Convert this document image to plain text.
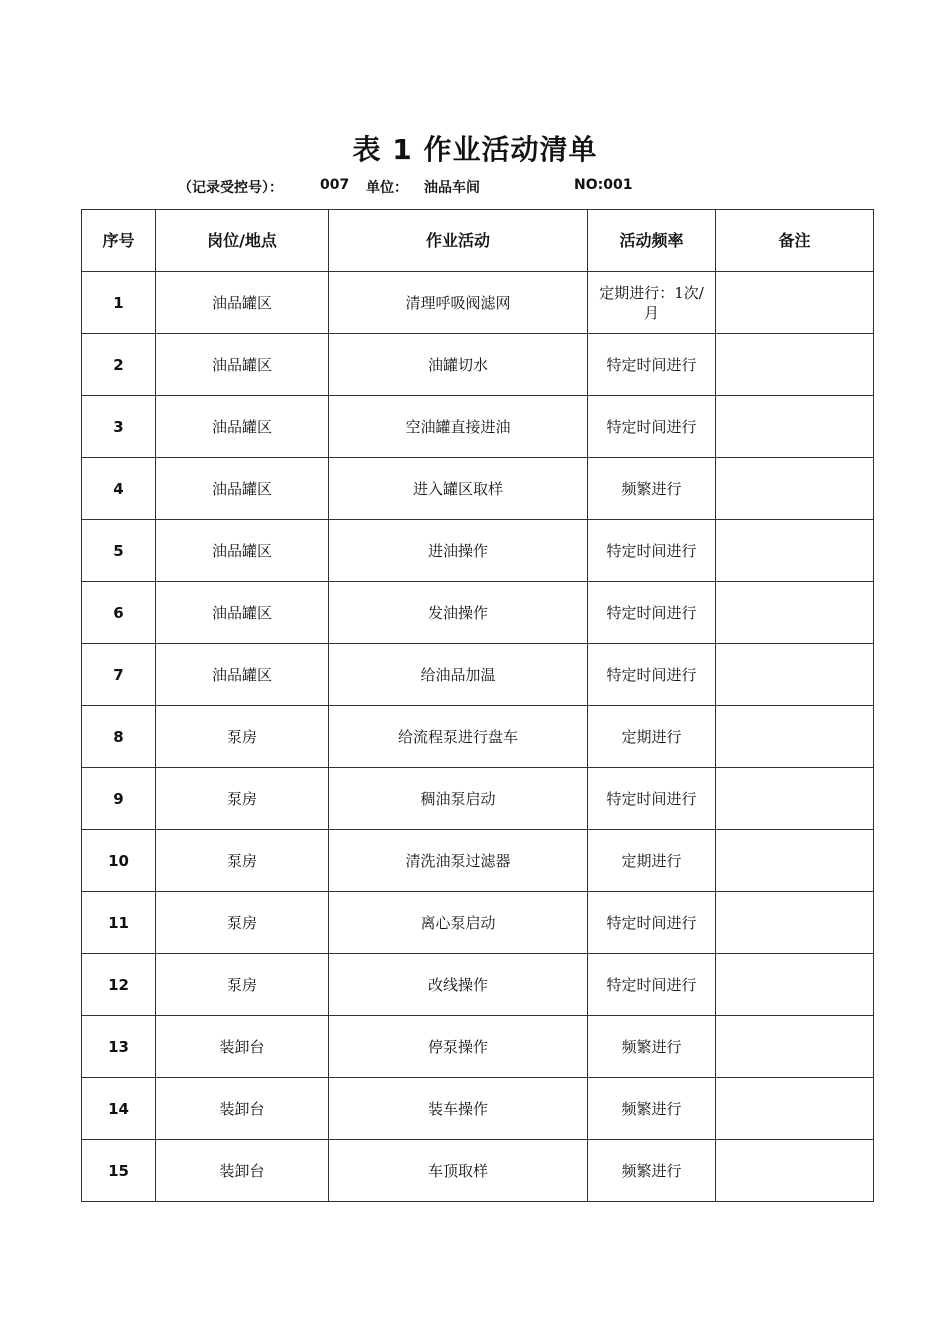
表 1 作业活动清单
（记录受控号）：	007 单位： 油品车间	NO:001
序号	岗位/地点	作业活动	活动频率	备注
1	油品罐区	清理呼吸阀滤网	定期进行：1次/月	
2	油品罐区	油罐切水	特定时间进行	
3	油品罐区	空油罐直接进油	特定时间进行	
4	油品罐区	进入罐区取样	频繁进行	
5	油品罐区	进油操作	特定时间进行	
6	油品罐区	发油操作	特定时间进行	
7	油品罐区	给油品加温	特定时间进行	
8	泵房	给流程泵进行盘车	定期进行	
9	泵房	稠油泵启动	特定时间进行	
10	泵房	清洗油泵过滤器	定期进行	
11	泵房	离心泵启动	特定时间进行	
12	泵房	改线操作	特定时间进行	
13	装卸台	停泵操作	频繁进行	
14	装卸台	装车操作	频繁进行	
15	装卸台	车顶取样	频繁进行	
